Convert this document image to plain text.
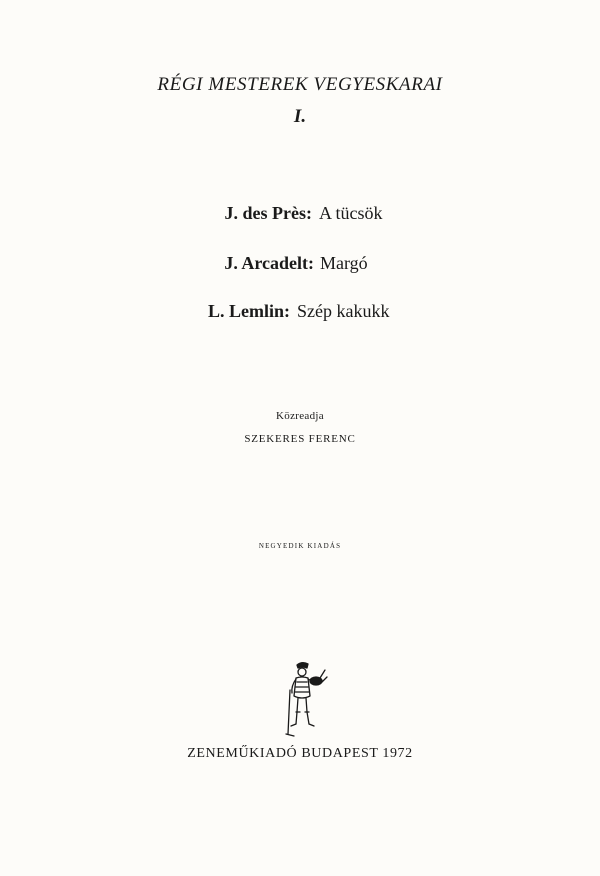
RÉGI MESTEREK VEGYESKARAI
I.
J. des Près: A tücsök
J. Arcadelt: Margó
L. Lemlin: Szép kakukk
Közreadja
SZEKERES FERENC
NEGYEDIK KIADÁS
ZENEMŰKIADÓ BUDAPEST 1972
